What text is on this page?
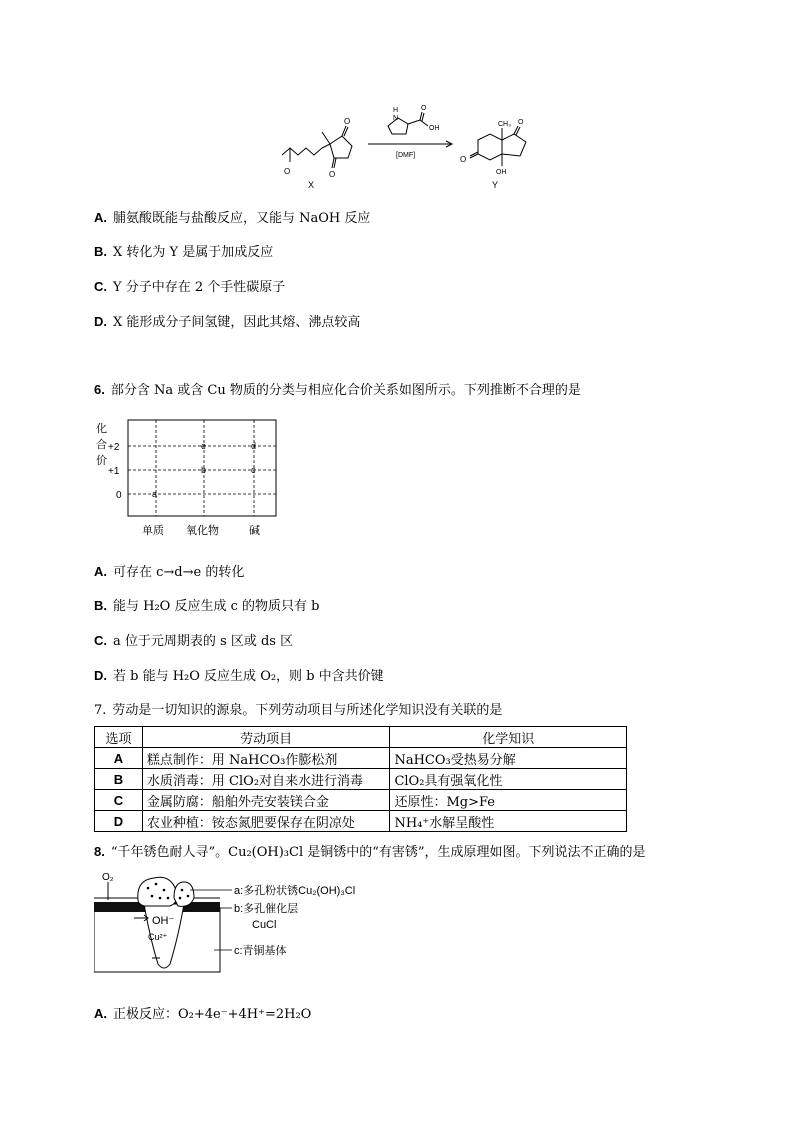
O
O
O
X
H
N
O
OH
[DMF]
CH₃ O
O
OH
Y
A. 脯氨酸既能与盐酸反应，又能与 NaOH 反应
B. X 转化为 Y 是属于加成反应
C. Y 分子中存在 2 个手性碳原子
D. X 能形成分子间氢键，因此其熔、沸点较高
6. 部分含 Na 或含 Cu 物质的分类与相应化合价关系如图所示。下列推断不合理的是
化
合
价
+2
+1
0	a
b	c
d
e
单质 氧化物	碱
A. 可存在 c→d→e 的转化
B. 能与 H₂O 反应生成 c 的物质只有 b
C. a 位于元周期表的 s 区或 ds 区
D. 若 b 能与 H₂O 反应生成 O₂，则 b 中含共价键
7. 劳动是一切知识的源泉。下列劳动项目与所述化学知识没有关联的是
选项	劳动项目	化学知识
A	糕点制作：用 NaHCO₃作膨松剂	NaHCO₃受热易分解
B	水质消毒：用 ClO₂对自来水进行消毒	ClO₂具有强氧化性
C	金属防腐：船舶外壳安装镁合金	还原性：Mg>Fe
D	农业种植：铵态氮肥要保存在阴凉处	NH₄⁺水解呈酸性
8. “千年锈色耐人寻”。Cu₂(OH)₃Cl 是铜锈中的“有害锈”，生成原理如图。下列说法不正确的是
O₂
OH⁻
Cu²⁺
a:多孔粉状锈Cu₂(OH)₃Cl
b:多孔催化层
CuCl
c:青铜基体
A. 正极反应：O₂+4e⁻+4H⁺=2H₂O
